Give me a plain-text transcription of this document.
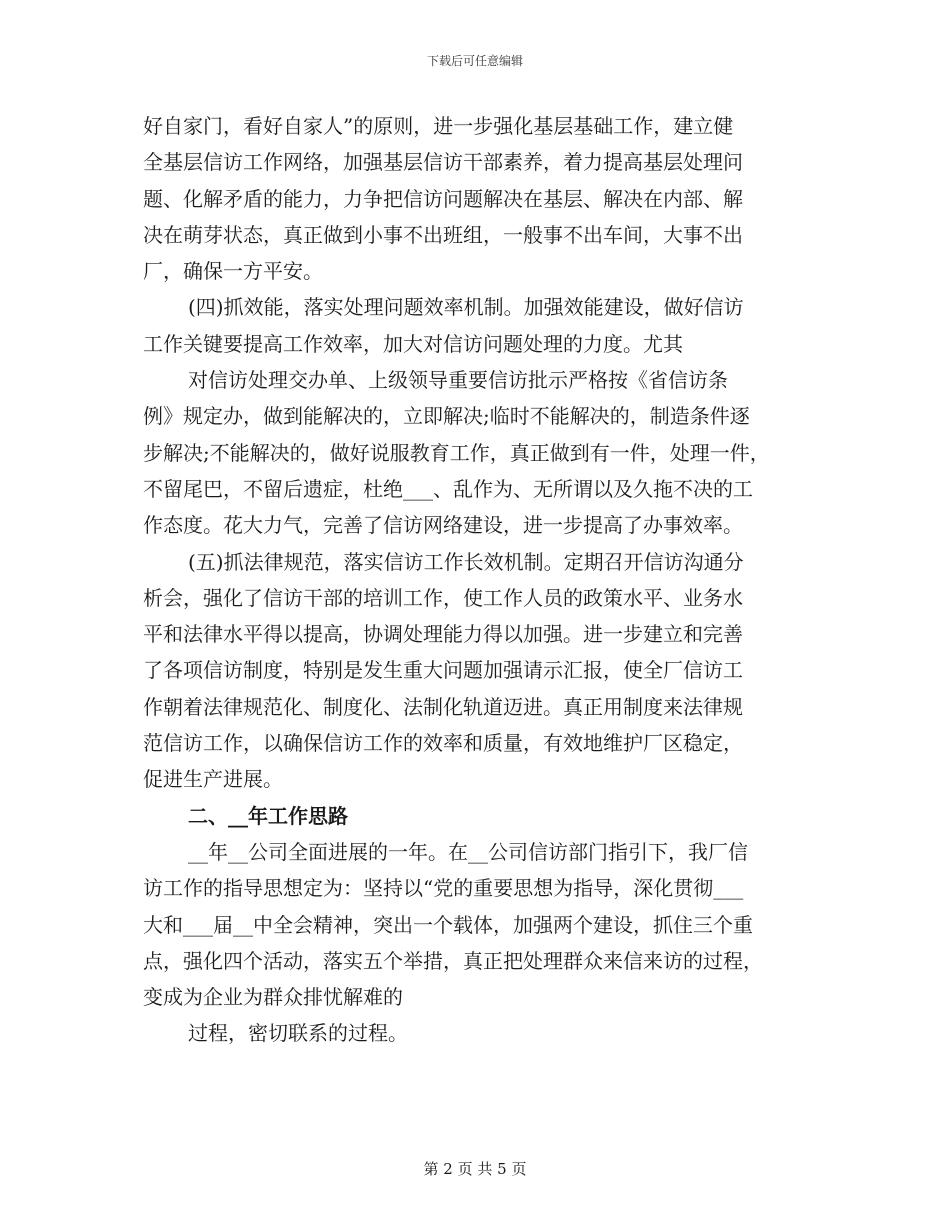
下载后可任意编辑
好自家门，看好自家人”的原则，进一步强化基层基础工作，建立健
全基层信访工作网络，加强基层信访干部素养，着力提高基层处理问
题、化解矛盾的能力，力争把信访问题解决在基层、解决在内部、解
决在萌芽状态，真正做到小事不出班组，一般事不出车间，大事不出
厂，确保一方平安。
(四)抓效能，落实处理问题效率机制。加强效能建设，做好信访
工作关键要提高工作效率，加大对信访问题处理的力度。尤其
对信访处理交办单、上级领导重要信访批示严格按《省信访条
例》规定办，做到能解决的，立即解决;临时不能解决的，制造条件逐
步解决;不能解决的，做好说服教育工作，真正做到有一件，处理一件，
不留尾巴，不留后遗症，杜绝___、乱作为、无所谓以及久拖不决的工
作态度。花大力气，完善了信访网络建设，进一步提高了办事效率。
(五)抓法律规范，落实信访工作长效机制。定期召开信访沟通分
析会，强化了信访干部的培训工作，使工作人员的政策水平、业务水
平和法律水平得以提高，协调处理能力得以加强。进一步建立和完善
了各项信访制度，特别是发生重大问题加强请示汇报，使全厂信访工
作朝着法律规范化、制度化、法制化轨道迈进。真正用制度来法律规
范信访工作，以确保信访工作的效率和质量，有效地维护厂区稳定，
促进生产进展。
二、__年工作思路
__年__公司全面进展的一年。在__公司信访部门指引下，我厂信
访工作的指导思想定为：坚持以“党的重要思想为指导，深化贯彻___
大和___届__中全会精神，突出一个载体，加强两个建设，抓住三个重
点，强化四个活动，落实五个举措，真正把处理群众来信来访的过程，
变成为企业为群众排忧解难的
过程，密切联系的过程。
第 2 页 共 5 页
